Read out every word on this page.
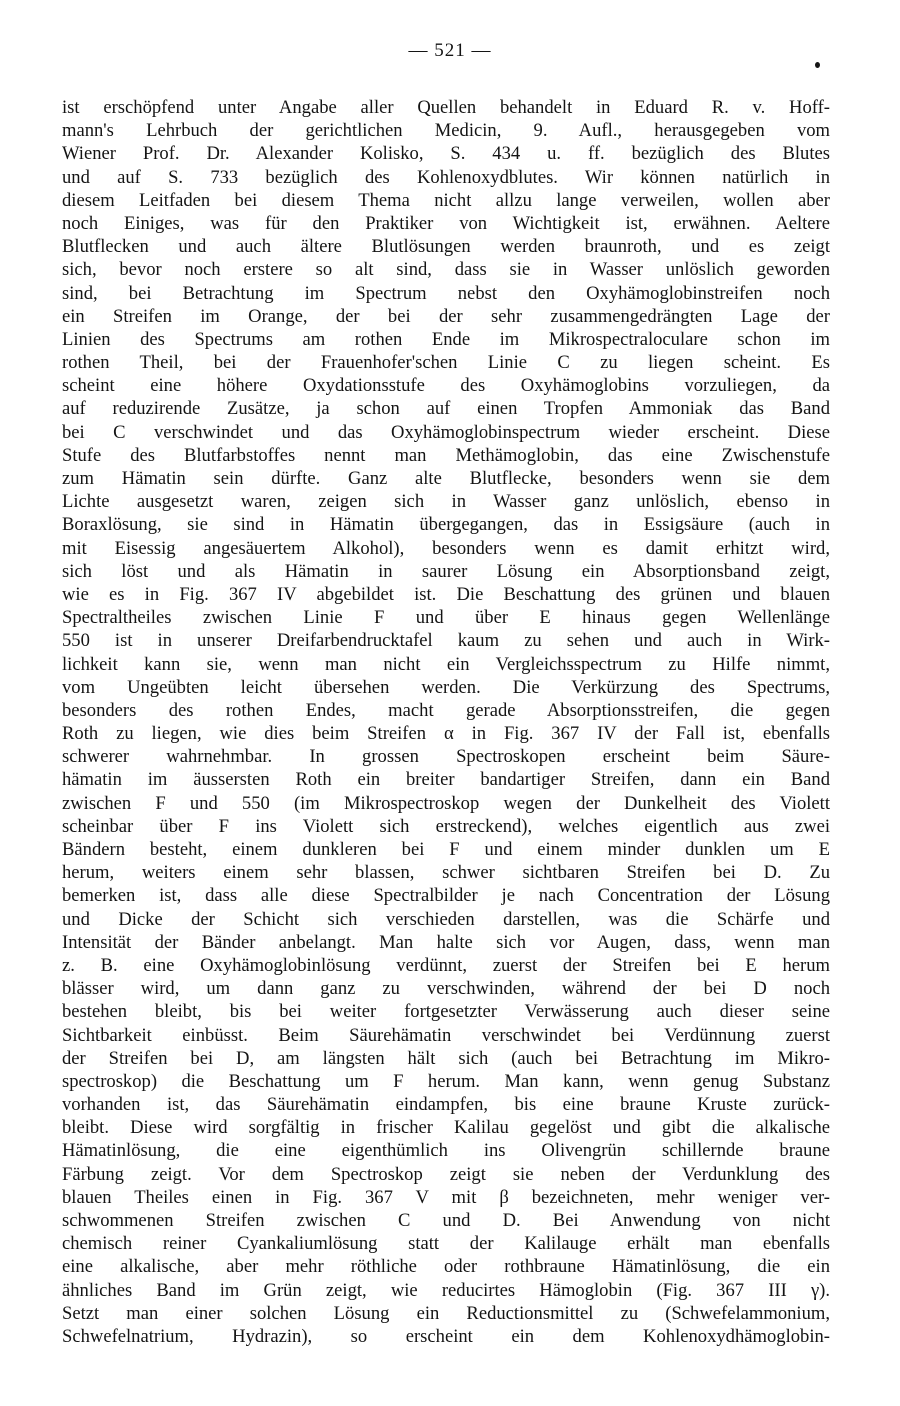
— 521 —
ist erschöpfend unter Angabe aller Quellen behandelt in Eduard R. v. Hoff-
mann's Lehrbuch der gerichtlichen Medicin, 9. Aufl., herausgegeben vom
Wiener Prof. Dr. Alexander Kolisko, S. 434 u. ff. bezüglich des Blutes
und auf S. 733 bezüglich des Kohlenoxydblutes. Wir können natürlich in
diesem Leitfaden bei diesem Thema nicht allzu lange verweilen, wollen aber
noch Einiges, was für den Praktiker von Wichtigkeit ist, erwähnen. Aeltere
Blutflecken und auch ältere Blutlösungen werden braunroth, und es zeigt
sich, bevor noch erstere so alt sind, dass sie in Wasser unlöslich geworden
sind, bei Betrachtung im Spectrum nebst den Oxyhämoglobinstreifen noch
ein Streifen im Orange, der bei der sehr zusammengedrängten Lage der
Linien des Spectrums am rothen Ende im Mikrospectraloculare schon im
rothen Theil, bei der Frauenhofer'schen Linie C zu liegen scheint. Es
scheint eine höhere Oxydationsstufe des Oxyhämoglobins vorzuliegen, da
auf reduzirende Zusätze, ja schon auf einen Tropfen Ammoniak das Band
bei C verschwindet und das Oxyhämoglobinspectrum wieder erscheint. Diese
Stufe des Blutfarbstoffes nennt man Methämoglobin, das eine Zwischenstufe
zum Hämatin sein dürfte. Ganz alte Blutflecke, besonders wenn sie dem
Lichte ausgesetzt waren, zeigen sich in Wasser ganz unlöslich, ebenso in
Boraxlösung, sie sind in Hämatin übergegangen, das in Essigsäure (auch in
mit Eisessig angesäuertem Alkohol), besonders wenn es damit erhitzt wird,
sich löst und als Hämatin in saurer Lösung ein Absorptionsband zeigt,
wie es in Fig. 367 IV abgebildet ist. Die Beschattung des grünen und blauen
Spectraltheiles zwischen Linie F und über E hinaus gegen Wellenlänge
550 ist in unserer Dreifarbendrucktafel kaum zu sehen und auch in Wirk-
lichkeit kann sie, wenn man nicht ein Vergleichsspectrum zu Hilfe nimmt,
vom Ungeübten leicht übersehen werden. Die Verkürzung des Spectrums,
besonders des rothen Endes, macht gerade Absorptionsstreifen, die gegen
Roth zu liegen, wie dies beim Streifen α in Fig. 367 IV der Fall ist, ebenfalls
schwerer wahrnehmbar. In grossen Spectroskopen erscheint beim Säure-
hämatin im äussersten Roth ein breiter bandartiger Streifen, dann ein Band
zwischen F und 550 (im Mikrospectroskop wegen der Dunkelheit des Violett
scheinbar über F ins Violett sich erstreckend), welches eigentlich aus zwei
Bändern besteht, einem dunkleren bei F und einem minder dunklen um E
herum, weiters einem sehr blassen, schwer sichtbaren Streifen bei D. Zu
bemerken ist, dass alle diese Spectralbilder je nach Concentration der Lösung
und Dicke der Schicht sich verschieden darstellen, was die Schärfe und
Intensität der Bänder anbelangt. Man halte sich vor Augen, dass, wenn man
z. B. eine Oxyhämoglobinlösung verdünnt, zuerst der Streifen bei E herum
blässer wird, um dann ganz zu verschwinden, während der bei D noch
bestehen bleibt, bis bei weiter fortgesetzter Verwässerung auch dieser seine
Sichtbarkeit einbüsst. Beim Säurehämatin verschwindet bei Verdünnung zuerst
der Streifen bei D, am längsten hält sich (auch bei Betrachtung im Mikro-
spectroskop) die Beschattung um F herum. Man kann, wenn genug Substanz
vorhanden ist, das Säurehämatin eindampfen, bis eine braune Kruste zurück-
bleibt. Diese wird sorgfältig in frischer Kalilau gegelöst und gibt die alkalische
Hämatinlösung, die eine eigenthümlich ins Olivengrün schillernde braune
Färbung zeigt. Vor dem Spectroskop zeigt sie neben der Verdunklung des
blauen Theiles einen in Fig. 367 V mit β bezeichneten, mehr weniger ver-
schwommenen Streifen zwischen C und D. Bei Anwendung von nicht
chemisch reiner Cyankaliumlösung statt der Kalilauge erhält man ebenfalls
eine alkalische, aber mehr röthliche oder rothbraune Hämatinlösung, die ein
ähnliches Band im Grün zeigt, wie reducirtes Hämoglobin (Fig. 367 III γ).
Setzt man einer solchen Lösung ein Reductionsmittel zu (Schwefelammonium,
Schwefelnatrium, Hydrazin), so erscheint ein dem Kohlenoxydhämoglobin-
